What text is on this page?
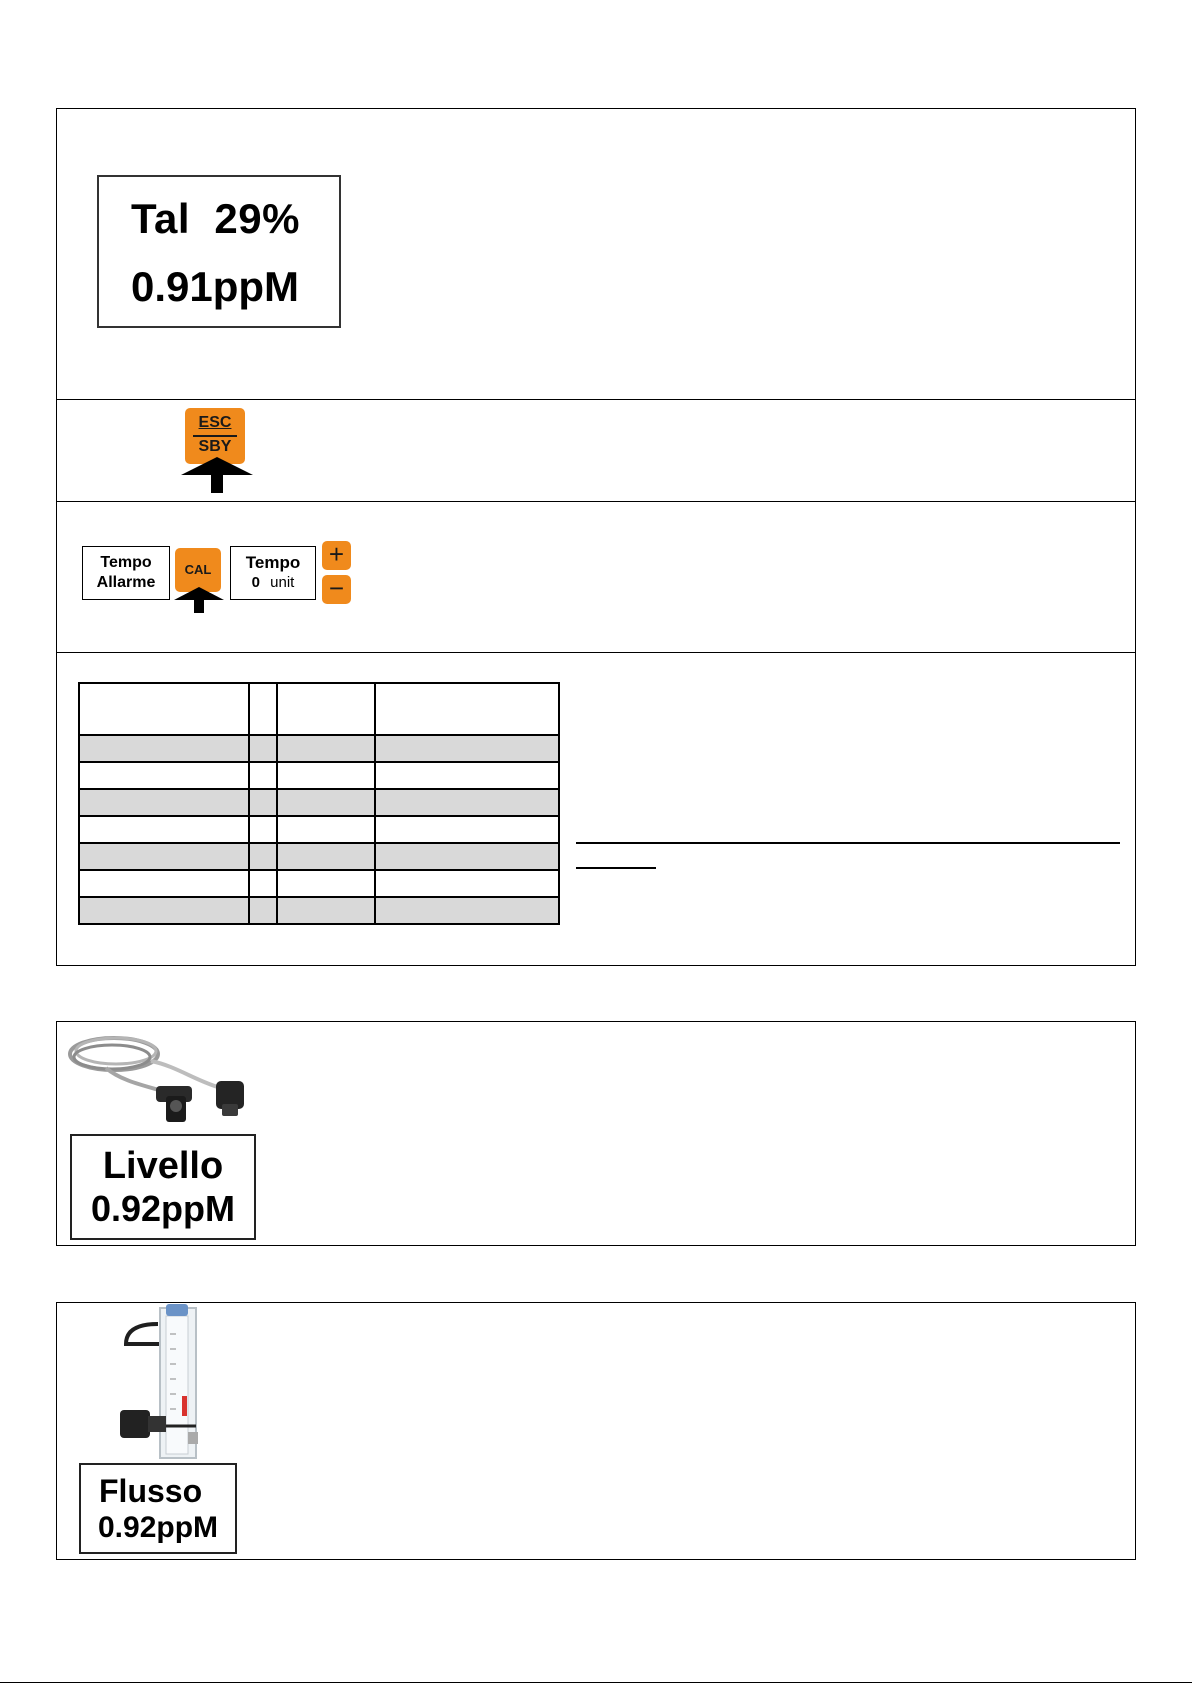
Tal  29%
0.91ppM
ESC
SBY
Tempo
Allarme
CAL	Tempo
0 unit
+
−

Livello
0.92ppM
Flusso
0.92ppM
